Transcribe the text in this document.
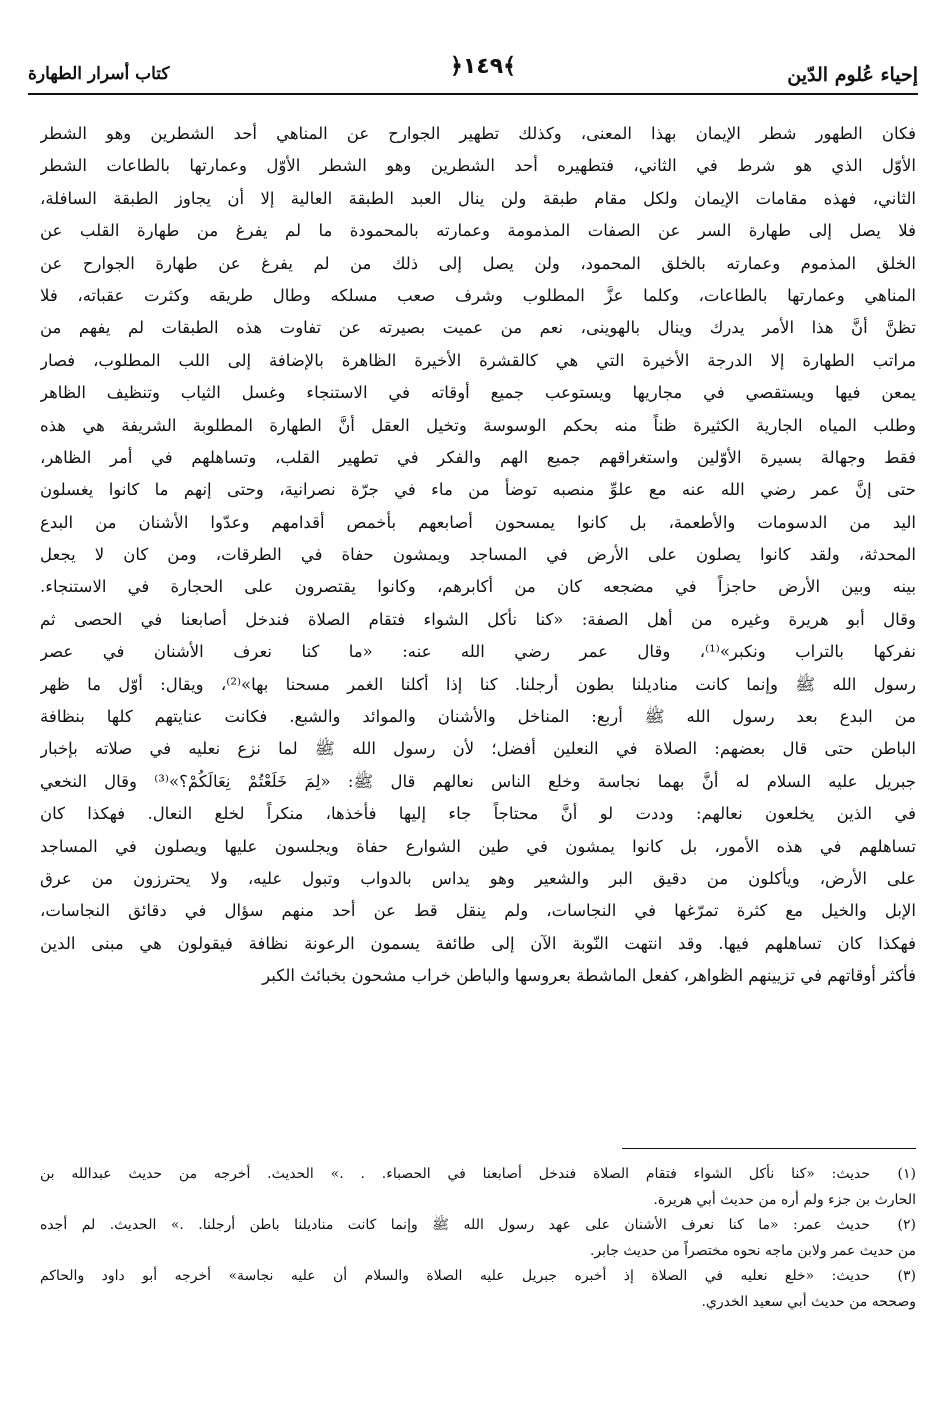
إحياء عُلوم الدّين
﴿١٤٩﴾
كتاب أسرار الطهارة
فكان الطهور شطر الإيمان بهذا المعنى، وكذلك تطهير الجوارح عن المناهي أحد الشطرين وهو الشطر
الأوّل الذي هو شرط في الثاني، فتطهيره أحد الشطرين وهو الشطر الأوّل وعمارتها بالطاعات الشطر
الثاني، فهذه مقامات الإيمان ولكل مقام طبقة ولن ينال العبد الطبقة العالية إلا أن يجاوز الطبقة السافلة،
فلا يصل إلى طهارة السر عن الصفات المذمومة وعمارته بالمحمودة ما لم يفرغ من طهارة القلب عن
الخلق المذموم وعمارته بالخلق المحمود، ولن يصل إلى ذلك من لم يفرغ عن طهارة الجوارح عن
المناهي وعمارتها بالطاعات، وكلما عزَّ المطلوب وشرف صعب مسلكه وطال طريقه وكثرت عقباته، فلا
تظنَّ أنَّ هذا الأمر يدرك وينال بالهوينى، نعم من عميت بصيرته عن تفاوت هذه الطبقات لم يفهم من
مراتب الطهارة إلا الدرجة الأخيرة التي هي كالقشرة الأخيرة الظاهرة بالإضافة إلى اللب المطلوب، فصار
يمعن فيها ويستقصي في مجاريها ويستوعب جميع أوقاته في الاستنجاء وغسل الثياب وتنظيف الظاهر
وطلب المياه الجارية الكثيرة ظناً منه بحكم الوسوسة وتخيل العقل أنَّ الطهارة المطلوبة الشريفة هي هذه
فقط وجهالة بسيرة الأوّلين واستغراقهم جميع الهم والفكر في تطهير القلب، وتساهلهم في أمر الظاهر،
حتى إنَّ عمر رضي الله عنه مع علوِّ منصبه توضأ من ماء في جرّة نصرانية، وحتى إنهم ما كانوا يغسلون
اليد من الدسومات والأطعمة، بل كانوا يمسحون أصابعهم بأخمص أقدامهم وعدّوا الأشنان من البدع
المحدثة، ولقد كانوا يصلون على الأرض في المساجد ويمشون حفاة في الطرقات، ومن كان لا يجعل
بينه وبين الأرض حاجزاً في مضجعه كان من أكابرهم، وكانوا يقتصرون على الحجارة في الاستنجاء.
وقال أبو هريرة وغيره من أهل الصفة: «كنا نأكل الشواء فتقام الصلاة فندخل أصابعنا في الحصى ثم
نفركها بالتراب ونكبر»⁽¹⁾، وقال عمر رضي الله عنه: «ما كنا نعرف الأشنان في عصر
رسول الله ﷺ وإنما كانت مناديلنا بطون أرجلنا. كنا إذا أكلنا الغمر مسحنا بها»⁽²⁾، ويقال: أوّل ما ظهر
من البدع بعد رسول الله ﷺ أربع: المناخل والأشنان والموائد والشبع. فكانت عنايتهم كلها بنظافة
الباطن حتى قال بعضهم: الصلاة في النعلين أفضل؛ لأن رسول الله ﷺ لما نزع نعليه في صلاته بإخبار
جبريل عليه السلام له أنَّ بهما نجاسة وخلع الناس نعالهم قال ﷺ: «لِمَ خَلَعْتُمْ نِعَالَكُمْ؟»⁽³⁾ وقال النخعي
في الذين يخلعون نعالهم: وددت لو أنَّ محتاجاً جاء إليها فأخذها، منكراً لخلع النعال. فهكذا كان
تساهلهم في هذه الأمور، بل كانوا يمشون في طين الشوارع حفاة ويجلسون عليها ويصلون في المساجد
على الأرض، ويأكلون من دقيق البر والشعير وهو يداس بالدواب وتبول عليه، ولا يحترزون من عرق
الإبل والخيل مع كثرة تمرّغها في النجاسات، ولم ينقل قط عن أحد منهم سؤال في دقائق النجاسات،
فهكذا كان تساهلهم فيها. وقد انتهت النّوبة الآن إلى طائفة يسمون الرعونة نظافة فيقولون هي مبنى الدين
فأكثر أوقاتهم في تزيينهم الظواهر، كفعل الماشطة بعروسها والباطن خراب مشحون بخبائث الكبر
(١)
حديث: «كنا نأكل الشواء فتقام الصلاة فندخل أصابعنا في الحصباء. . .» الحديث. أخرجه من حديث عبدالله بن
الحارث بن جزء ولم أره من حديث أبي هريرة.
(٢)
حديث عمر: «ما كنا نعرف الأشنان على عهد رسول الله ﷺ وإنما كانت مناديلنا باطن أرجلنا. .» الحديث. لم أجده
من حديث عمر ولابن ماجه نحوه مختصراً من حديث جابر.
(٣)
حديث: «خلع نعليه في الصلاة إذ أخبره جبريل عليه الصلاة والسلام أن عليه نجاسة» أخرجه أبو داود والحاكم
وصححه من حديث أبي سعيد الخدري.
